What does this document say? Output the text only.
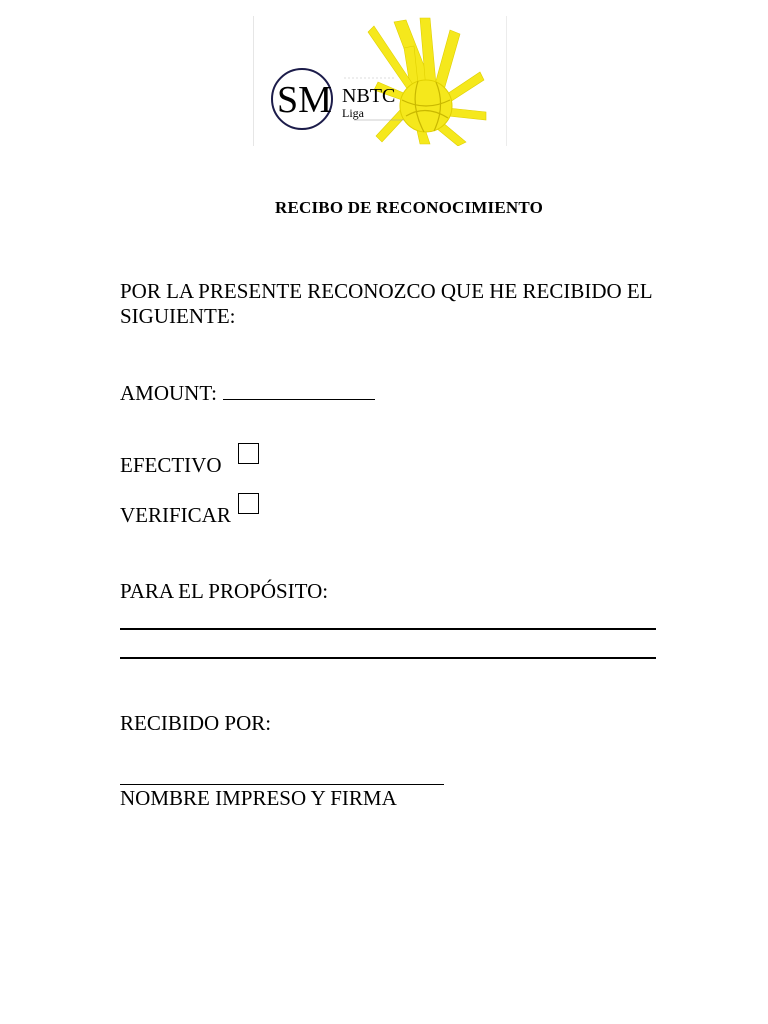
SM NBTC
Liga
RECIBO DE RECONOCIMIENTO
POR LA PRESENTE RECONOZCO QUE HE RECIBIDO EL SIGUIENTE:
AMOUNT:
EFECTIVO
VERIFICAR
PARA EL PROPÓSITO:
RECIBIDO POR:
NOMBRE IMPRESO Y FIRMA
